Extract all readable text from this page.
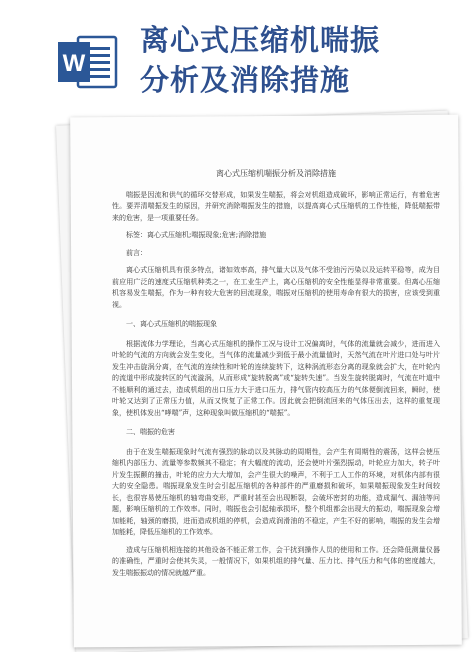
W
离心式压缩机喘振
分析及消除措施
离心式压缩机喘振分析及消除措施
喘振是因流和供气的循环交替形成，如果发生喘振，将会对机组造成破坏，影响正常运行，有着危害性。要弄清喘振发生的原因，并研究消除喘振发生的措施，以提高离心式压缩机的工作性能，降低喘振带来的危害，是一项重要任务。
标签：离心式压缩机;喘振现象;危害;消除措施
前言：
离心式压缩机具有很多特点，诸如效率高，排气量大以及气体不受油污污染以及运转平稳等，成为目前应用广泛的速度式压缩机种类之一，在工业生产上，离心压缩机的安全性能显得非常重要。但离心压缩机容易发生喘振，作为一种有较大危害的回流现象，喘振对压缩机的使用寿命有很大的损害，应该受到重视。
一、离心式压缩机的喘振现象
根据流体力学理论，当离心式压缩机的操作工况与设计工况偏离时，气体的流量就会减少，进而进入叶轮的气流的方向就会发生变化，当气体的流量减少到低于最小流量值时，天然气流在叶片进口处与叶片发生冲击旋涡分离，在气流的连续性和叶轮的连续旋转下，这种涡流形态分离的现象就会扩大，在叶轮内的流道中形成旋转区的气流漩涡，从而形成“旋转脱离”或“旋转失速”。当发生旋转脱离时，气流在叶道中不能顺利的通过去，造成机组的出口压力大于进口压力，排气管内较高压力的气体便倒流回来，瞬时，使叶轮又达到了正常压力值，从而又恢复了正常工作。因此就会把倒流回来的气体压出去，这样的重复现象，使机体发出“哮喘”声，这种现象叫做压缩机的“喘振”。
二、喘振的危害
由于在发生喘振现象时气流有强烈的脉动以及其脉动的周期性，会产生有周期性的震荡，这样会使压缩机内部压力、流量等参数频其不稳定；有大幅度的流动，还会使叶片强烈振动，叶轮应力加大，转子叶片发生振颤的撞击，叶轮的应力大大增加，会产生很大的噪声，不利于工人工作的环境，对机体内部有很大的安全隐患。喘振现象发生时会引起压缩机的各种部件的严重磨损和破坏，如果喘振现象发生时间较长，也很容易使压缩机的轴弯曲变形，严重时甚至会出现断裂，会破坏密封的功能，造成漏气、漏油等问题，影响压缩机的工作效率。同时，喘振也会引起轴承损坏，整个机组都会出现大的振动，喘振现象会增加能耗，轴颈的磨损，进而造成机组的停机，会造成润滑油的不稳定，产生不好的影响，喘振的发生会增加能耗，降低压缩机的工作效率。
造成与压缩机相连接的其他设备不能正常工作，会干扰到操作人员的使用和工作。还会降低测量仪器的准确性，严重时会使其失灵，一般情况下，如果机组的排气量、压力比、排气压力和气体的密度越大，发生喘振振动的情况就越严重。
